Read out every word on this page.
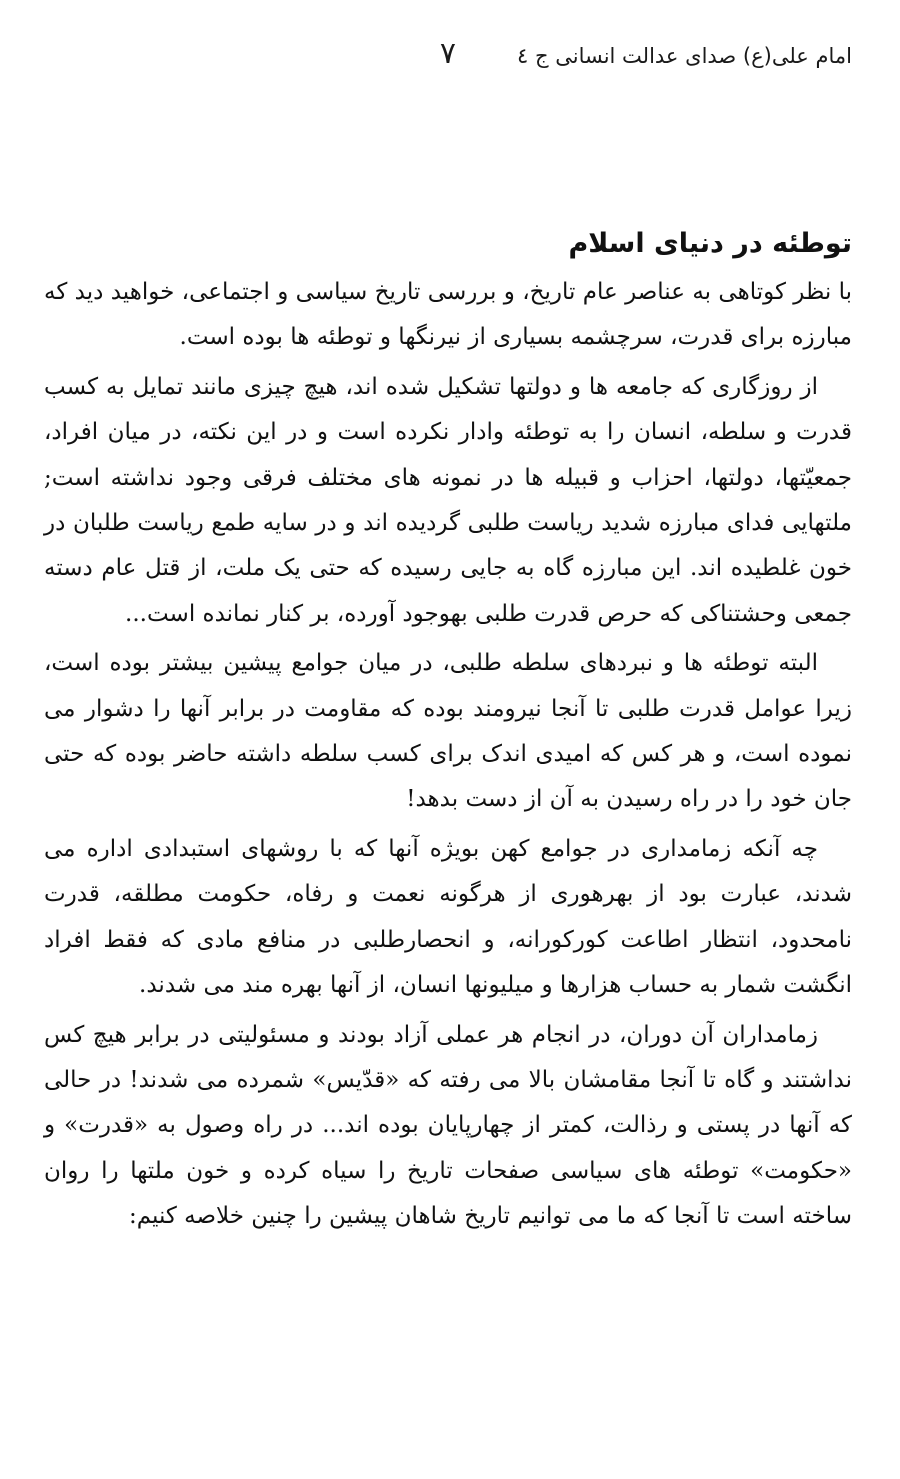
امام علی(ع) صدای عدالت انسانی ج ٤
٧
توطئه در دنیای اسلام

با نظر کوتاهی به عناصر عام تاریخ، و بررسی تاریخ سیاسی و اجتماعی، خواهید دید که مبارزه برای قدرت، سرچشمه بسیاری از نیرنگها و توطئه ها بوده است.

از روزگاری که جامعه ها و دولتها تشکیل شده اند، هیچ چیزی مانند تمایل به کسب قدرت و سلطه، انسان را به توطئه وادار نکرده است و در این نکته، در میان افراد، جمعیّتها، دولتها، احزاب و قبیله ها در نمونه های مختلف فرقی وجود نداشته است; ملتهایی فدای مبارزه شدید ریاست طلبی گردیده اند و در سایه طمع ریاست طلبان در خون غلطیده اند. این مبارزه گاه به جایی رسیده که حتی یک ملت، از قتل عام دسته جمعی وحشتناکی که حرص قدرت طلبی بهوجود آورده، بر کنار نمانده است...

البته توطئه ها و نبردهای سلطه طلبی، در میان جوامع پیشین بیشتر بوده است، زیرا عوامل قدرت طلبی تا آنجا نیرومند بوده که مقاومت در برابر آنها را دشوار می نموده است، و هر کس که امیدی اندک برای کسب سلطه داشته حاضر بوده که حتی جان خود را در راه رسیدن به آن از دست بدهد!

چه آنکه زمامداری در جوامع کهن بویژه آنها که با روشهای استبدادی اداره می شدند، عبارت بود از بهرهوری از هرگونه نعمت و رفاه، حکومت مطلقه، قدرت نامحدود، انتظار اطاعت کورکورانه، و انحصارطلبی در منافع مادی که فقط افراد انگشت شمار به حساب هزارها و میلیونها انسان، از آنها بهره مند می شدند.

زمامداران آن دوران، در انجام هر عملی آزاد بودند و مسئولیتی در برابر هیچ کس نداشتند و گاه تا آنجا مقامشان بالا می رفته که «قدّیس» شمرده می شدند! در حالی که آنها در پستی و رذالت، کمتر از چهارپایان بوده اند... در راه وصول به «قدرت» و «حکومت» توطئه های سیاسی صفحات تاریخ را سیاه کرده و خون ملتها را روان ساخته است تا آنجا که ما می توانیم تاریخ شاهان پیشین را چنین خلاصه کنیم:
